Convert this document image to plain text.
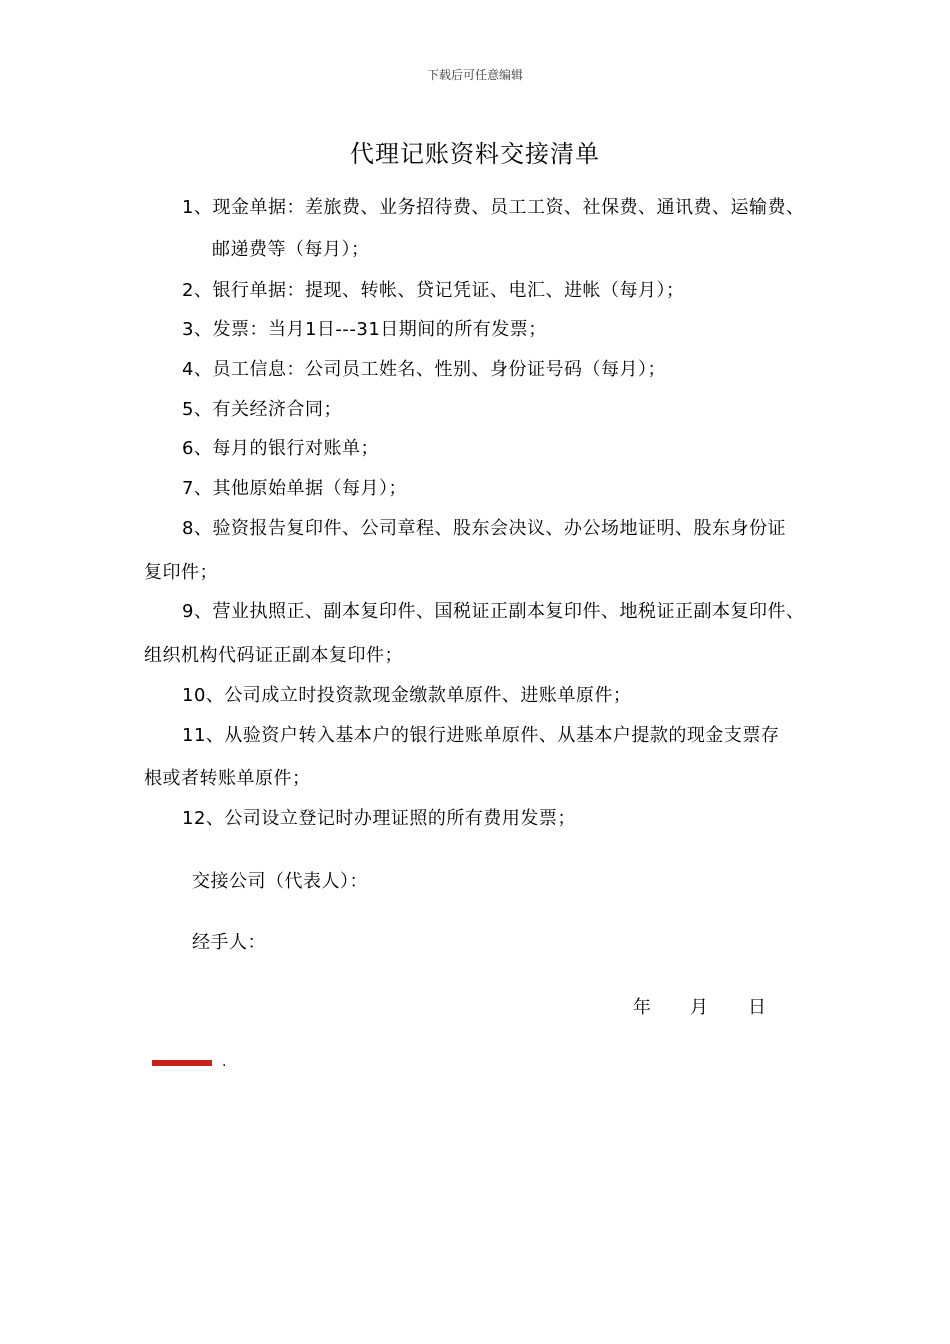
下载后可任意编辑
代理记账资料交接清单
1、现金单据：差旅费、业务招待费、员工工资、社保费、通讯费、运输费、
邮递费等（每月）；
2、银行单据：提现、转帐、贷记凭证、电汇、进帐（每月）；
3、发票：当月1日---31日期间的所有发票；
4、员工信息：公司员工姓名、性别、身份证号码（每月）；
5、有关经济合同；
6、每月的银行对账单；
7、其他原始单据（每月）；
8、验资报告复印件、公司章程、股东会决议、办公场地证明、股东身份证
复印件；
9、营业执照正、副本复印件、国税证正副本复印件、地税证正副本复印件、
组织机构代码证正副本复印件；
10、公司成立时投资款现金缴款单原件、进账单原件；
11、从验资户转入基本户的银行进账单原件、从基本户提款的现金支票存
根或者转账单原件；
12、公司设立登记时办理证照的所有费用发票；
交接公司（代表人）：
经手人：
年 月 日
.
